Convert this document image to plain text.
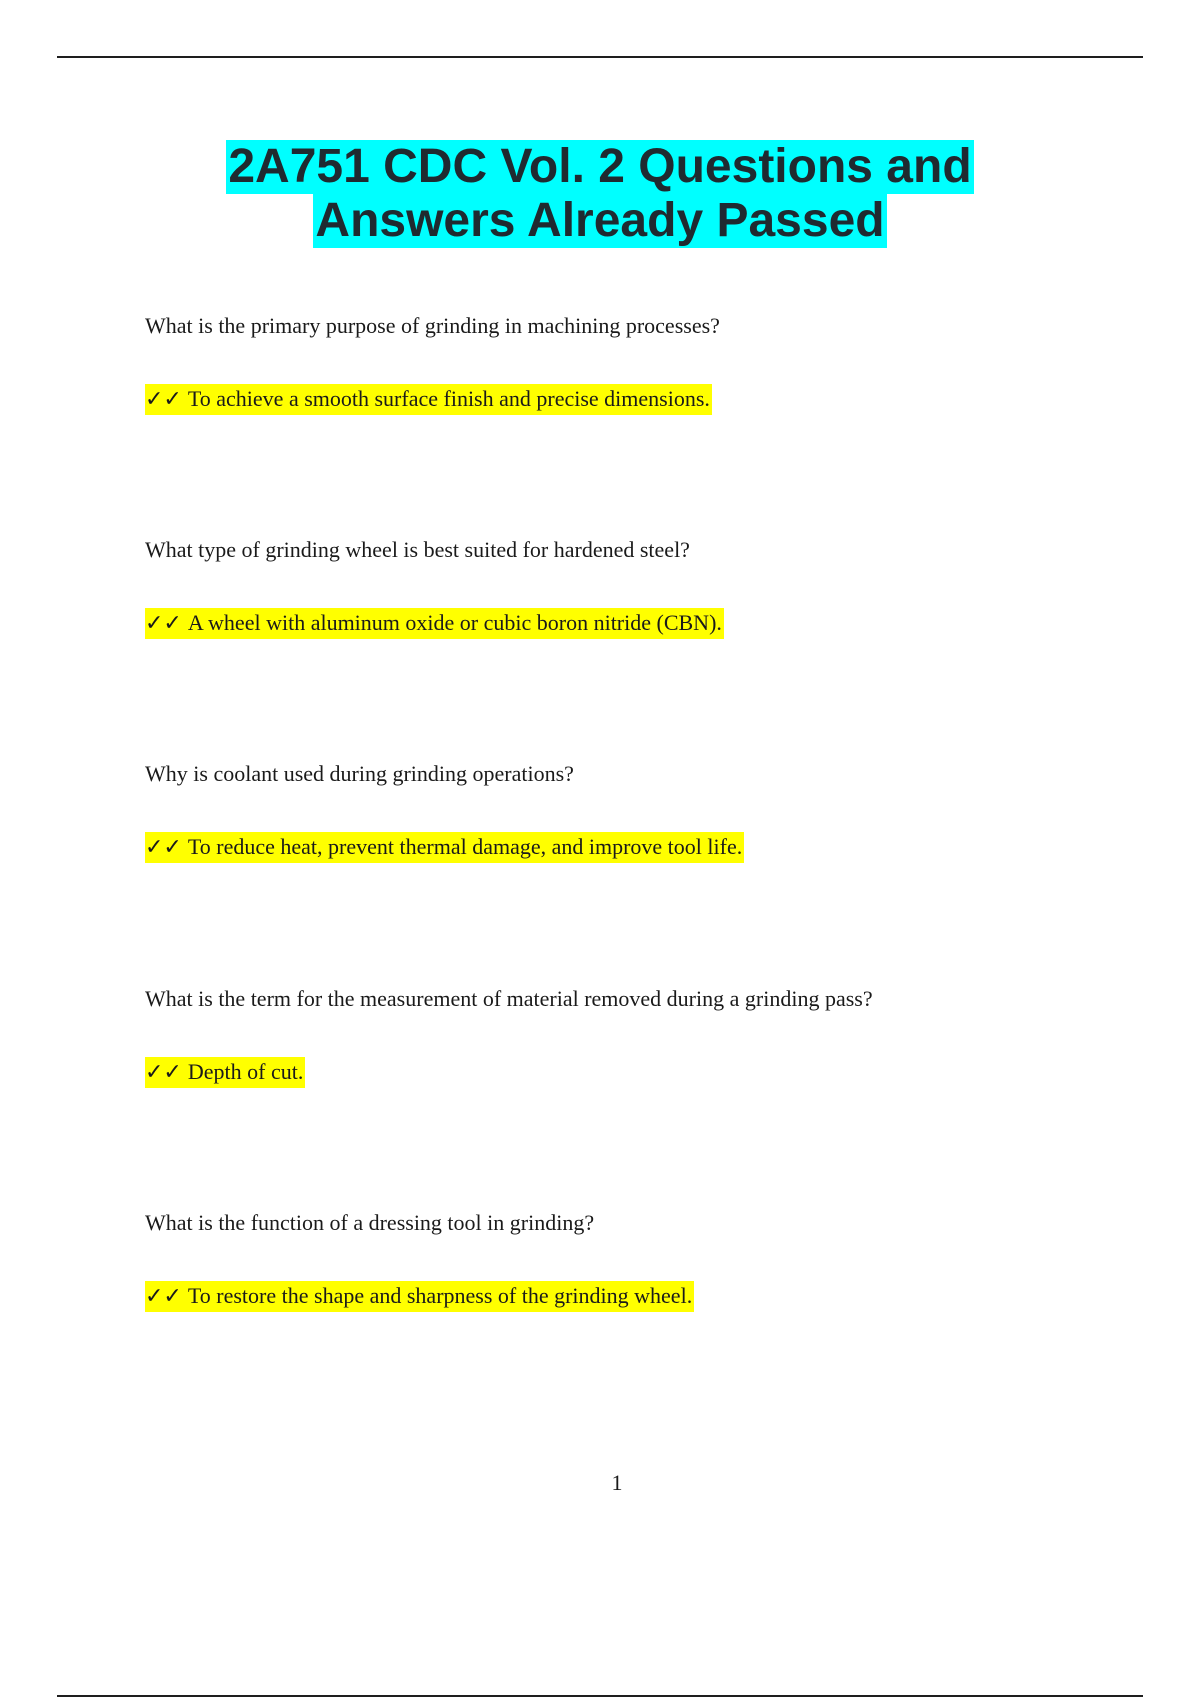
2A751 CDC Vol. 2 Questions and
Answers Already Passed

What is the primary purpose of grinding in machining processes?

✓✓ To achieve a smooth surface finish and precise dimensions.

What type of grinding wheel is best suited for hardened steel?

✓✓ A wheel with aluminum oxide or cubic boron nitride (CBN).

Why is coolant used during grinding operations?

✓✓ To reduce heat, prevent thermal damage, and improve tool life.

What is the term for the measurement of material removed during a grinding pass?

✓✓ Depth of cut.

What is the function of a dressing tool in grinding?

✓✓ To restore the shape and sharpness of the grinding wheel.
1
